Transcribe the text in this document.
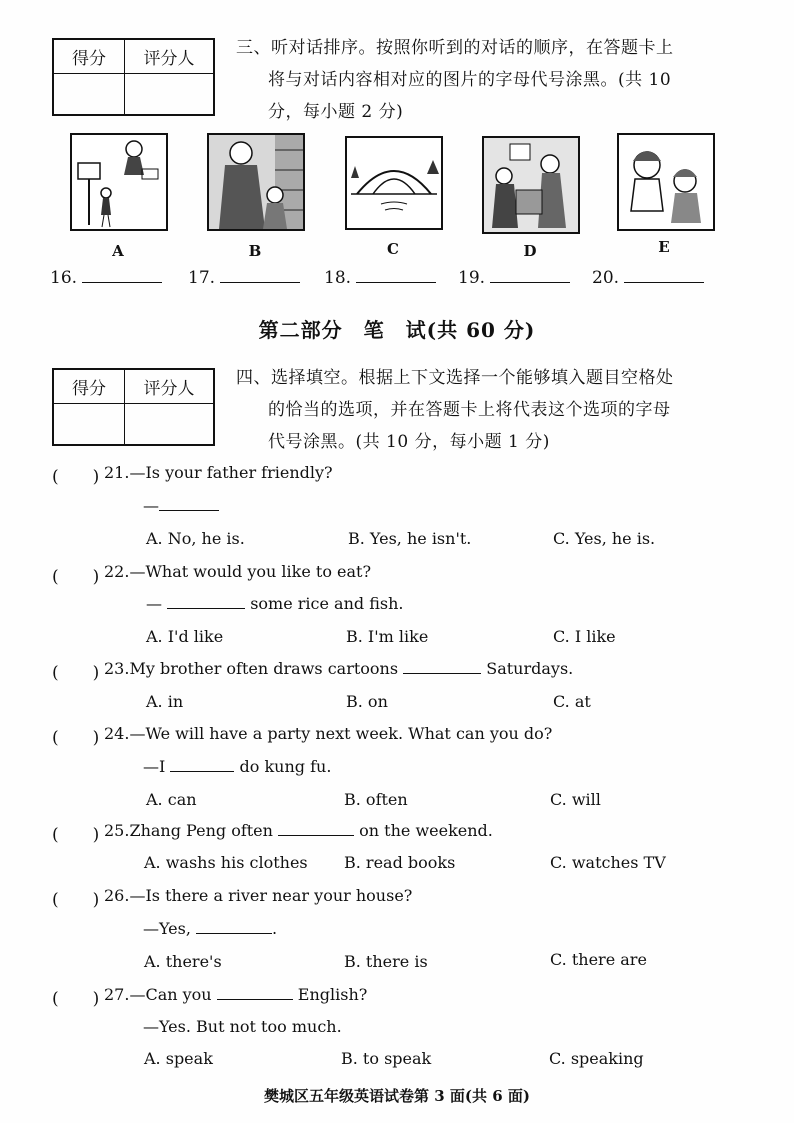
得分	评分人

三、听对话排序。按照你听到的对话的顺序，在答题卡上
将与对话内容相对应的图片的字母代号涂黑。(共 10
分，每小题 2 分)
A	B	C	D	E
16.	17.	18.	19.	20.
第二部分　笔　试(共 60 分)
得分	评分人

四、选择填空。根据上下文选择一个能够填入题目空格处
的恰当的选项，并在答题卡上将代表这个选项的字母
代号涂黑。(共 10 分，每小题 1 分)
(　　) 21.—Is your father friendly?
—
A. No, he is.	B. Yes, he isn't.	C. Yes, he is.
(　　) 22.—What would you like to eat?
—	some rice and fish.
A. I'd like	B. I'm like	C. I like
(　　) 23.My brother often draws cartoons	Saturdays.
A. in	B. on	C. at
(　　) 24.—We will have a party next week. What can you do?
—I	do kung fu.
A. can	B. often	C. will
(　　) 25.Zhang Peng often	on the weekend.
A. washs his clothes B. read books	C. watches TV
(　　) 26.—Is there a river near your house?
—Yes,	.
A. there's	B. there is	C. there are
(　　) 27.—Can you	English?
—Yes. But not too much.
A. speak	B. to speak	C. speaking
樊城区五年级英语试卷第 3 面(共 6 面)
